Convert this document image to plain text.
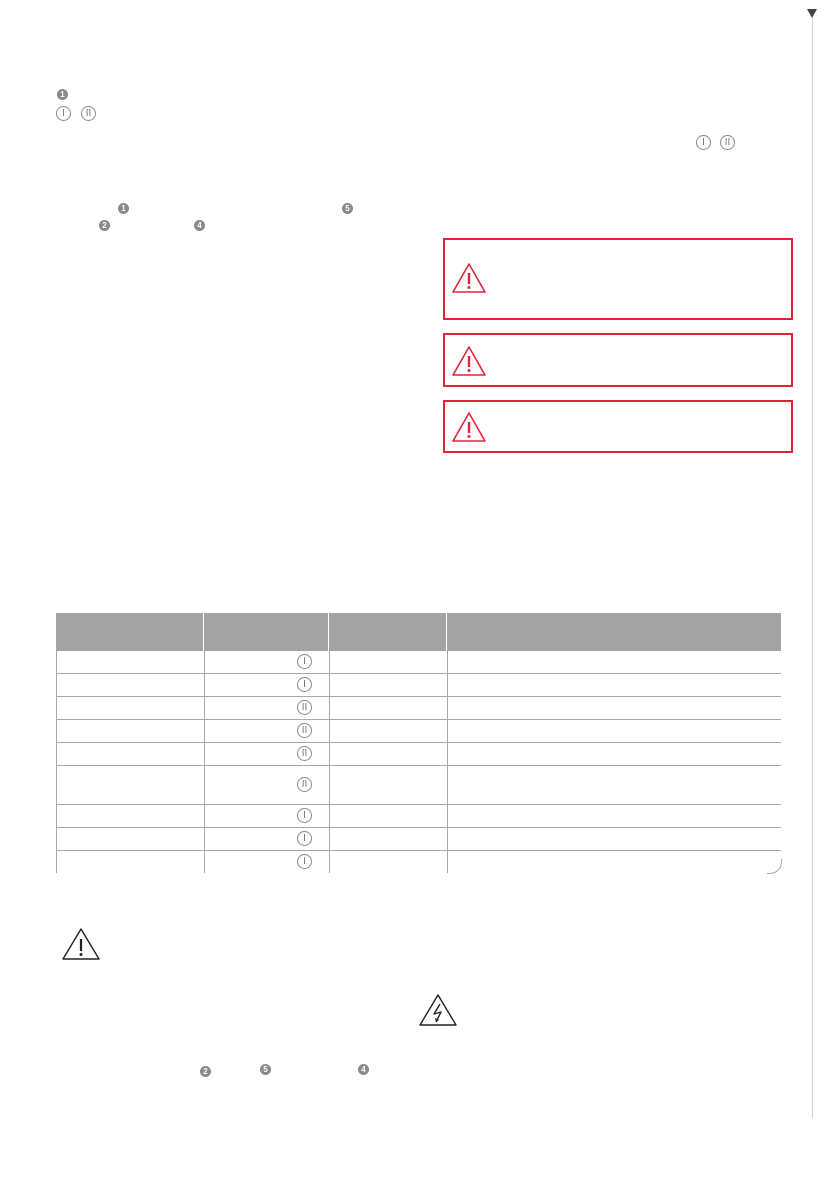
1
I	II
I	II
1	5
2	4
I
I
II
II
II
II
I
I
I
2	5	4
